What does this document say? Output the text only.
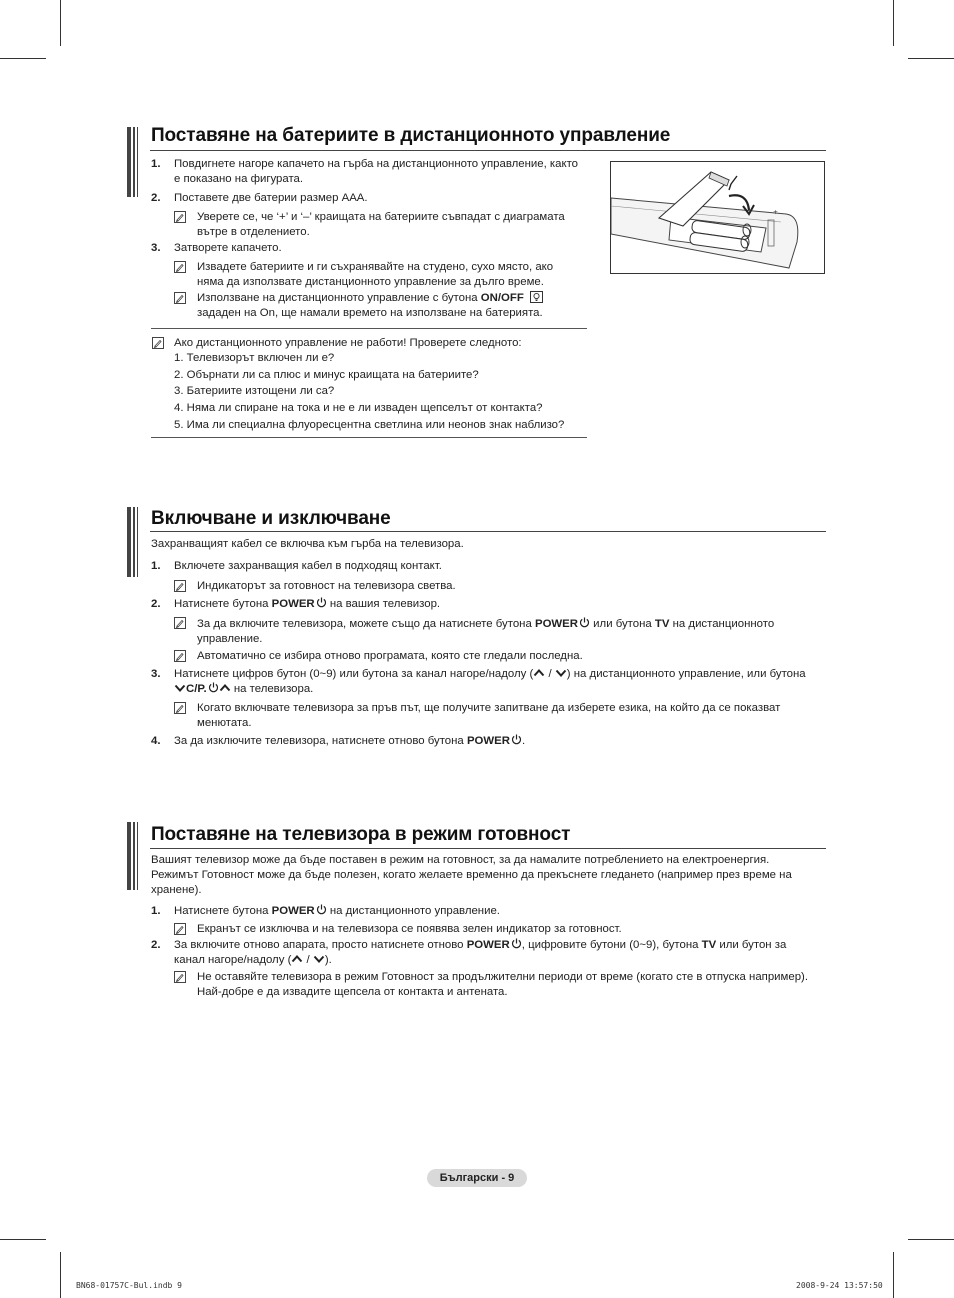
Поставяне на батериите в дистанционното управление
1. Повдигнете нагоре капачето на гърба на дистанционното управление, както
е показано на фигурата.
2. Поставете две батерии размер AAA.
Уверете се, че ‘+’ и ‘–’ краищата на батериите съвпадат с диаграмата
вътре в отделението.
3. Затворете капачето.
Извадете батериите и ги съхранявайте на студено, сухо място, ако
няма да използвате дистанционното управление за дълго време.
Използване на дистанционното управление с бутона ON/OFF
зададен на On, ще намали времето на използване на батерията.
Ако дистанционното управление не работи! Проверете следното:
1. Телевизорът включен ли е?
2. Обърнати ли са плюс и минус краищата на батериите?
3. Батериите изтощени ли са?
4. Няма ли спиране на тока и не е ли изваден щепселът от контакта?
5. Има ли специална флуоресцентна светлина или неонов знак наблизо?
+
Включване и изключване
Захранващият кабел се включва към гърба на телевизора.
1. Включете захранващия кабел в подходящ контакт.
Индикаторът за готовност на телевизора светва.
2. Натиснете бутона POWER на вашия телевизор.
За да включите телевизора, можете също да натиснете бутона POWER или бутона TV на дистанционното
управление.
Автоматично се избира отново програмата, която сте гледали последна.
3. Натиснете цифров бутон (0~9) или бутона за канал нагоре/надолу ( / ) на дистанционното управление, или бутона
C/P. на телевизора.
Когато включвате телевизора за пръв път, ще получите запитване да изберете езика, на който да се показват
менютата.
4. За да изключите телевизора, натиснете отново бутона POWER .
Поставяне на телевизора в режим готовност
Вашият телевизор може да бъде поставен в режим на готовност, за да намалите потреблението на електроенергия.
Режимът Готовност може да бъде полезен, когато желаете временно да прекъснете гледането (например през време на
хранене).
1. Натиснете бутона POWER на дистанционното управление.
Екранът се изключва и на телевизора се появява зелен индикатор за готовност.
2. За включите отново апарата, просто натиснете отново POWER , цифровите бутони (0~9), бутона TV или бутон за
канал нагоре/надолу ( / ).
Не оставяйте телевизора в режим Готовност за продължителни периоди от време (когато сте в отпуска например).
Най-добре е да извадите щепсела от контакта и антената.
Български - 9
BN68-01757C-Bul.indb 9	2008-9-24 13:57:50
